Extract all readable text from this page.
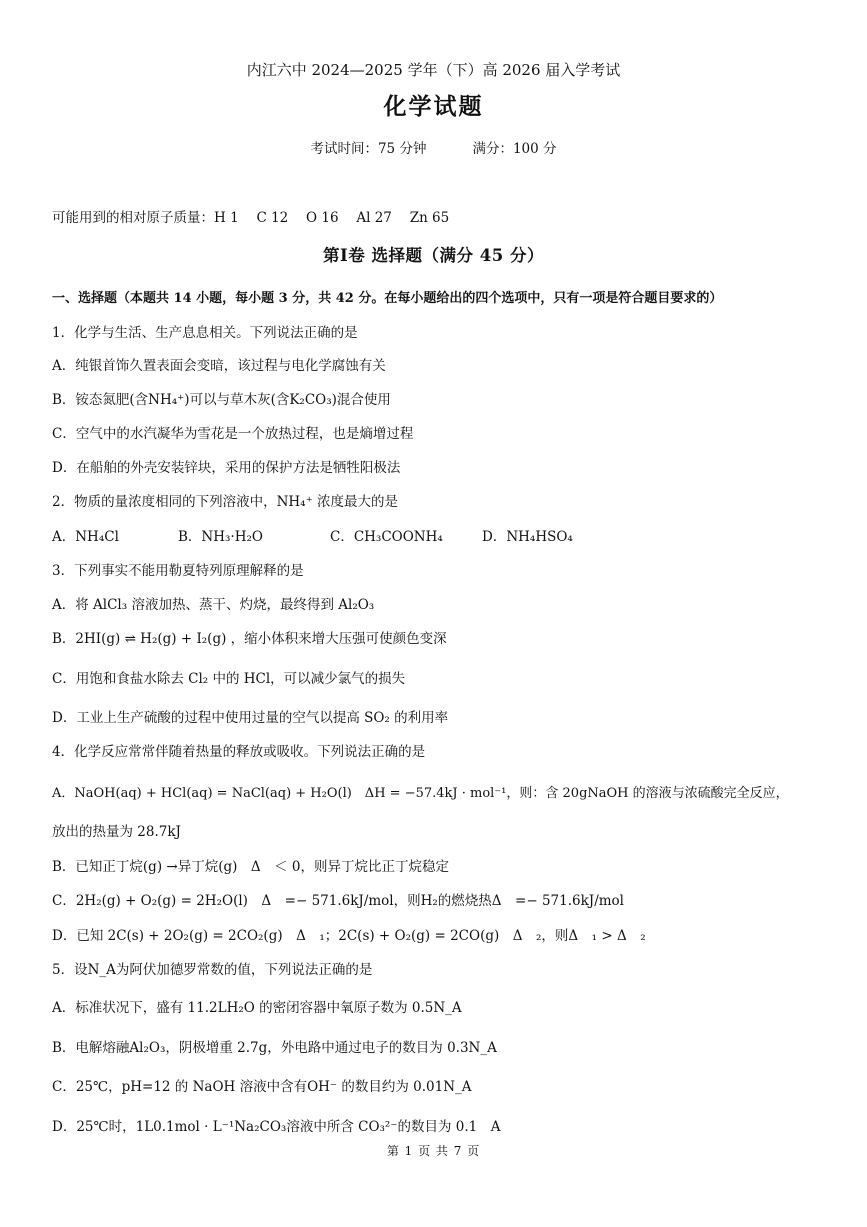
内江六中 2024—2025 学年（下）高 2026 届入学考试
化学试题
考试时间：75 分钟	满分：100 分
可能用到的相对原子质量：H 1　 C 12　 O 16　 Al 27　 Zn 65
第Ⅰ卷 选择题（满分 45 分）
一、选择题（本题共 14 小题，每小题 3 分，共 42 分。在每小题给出的四个选项中，只有一项是符合题目要求的）
1．化学与生活、生产息息相关。下列说法正确的是
A．纯银首饰久置表面会变暗，该过程与电化学腐蚀有关
B．铵态氮肥(含NH₄⁺)可以与草木灰(含K₂CO₃)混合使用
C．空气中的水汽凝华为雪花是一个放热过程，也是熵增过程
D．在船舶的外壳安装锌块，采用的保护方法是牺牲阳极法
2．物质的量浓度相同的下列溶液中，NH₄⁺ 浓度最大的是
A．NH₄Cl	B．NH₃·H₂O	C．CH₃COONH₄	D．NH₄HSO₄
3．下列事实不能用勒夏特列原理解释的是
A．将 AlCl₃ 溶液加热、蒸干、灼烧，最终得到 Al₂O₃
B．2HI(g) ⇌ H₂(g) + I₂(g) ，缩小体积来增大压强可使颜色变深
C．用饱和食盐水除去 Cl₂ 中的 HCl，可以减少氯气的损失
D．工业上生产硫酸的过程中使用过量的空气以提高 SO₂ 的利用率
4．化学反应常常伴随着热量的释放或吸收。下列说法正确的是
A．NaOH(aq) + HCl(aq) = NaCl(aq) + H₂O(l)　ΔH = −57.4kJ · mol⁻¹，则：含 20gNaOH 的溶液与浓硫酸完全反应，
放出的热量为 28.7kJ
B．已知正丁烷(g) →异丁烷(g)　Δ　＜ 0，则异丁烷比正丁烷稳定
C．2H₂(g) + O₂(g) = 2H₂O(l)　Δ　=− 571.6kJ/mol，则H₂的燃烧热Δ　=− 571.6kJ/mol
D．已知 2C(s) + 2O₂(g) = 2CO₂(g)　Δ　₁；2C(s) + O₂(g) = 2CO(g)　Δ　₂，则Δ　₁ > Δ　₂
5．设N_A为阿伏加德罗常数的值，下列说法正确的是
A．标准状况下，盛有 11.2LH₂O 的密闭容器中氧原子数为 0.5N_A
B．电解熔融Al₂O₃，阴极增重 2.7g，外电路中通过电子的数目为 0.3N_A
C．25℃，pH=12 的 NaOH 溶液中含有OH⁻ 的数目约为 0.01N_A
D．25℃时，1L0.1mol · L⁻¹Na₂CO₃溶液中所含 CO₃²⁻的数目为 0.1　A
第 1 页 共 7 页
